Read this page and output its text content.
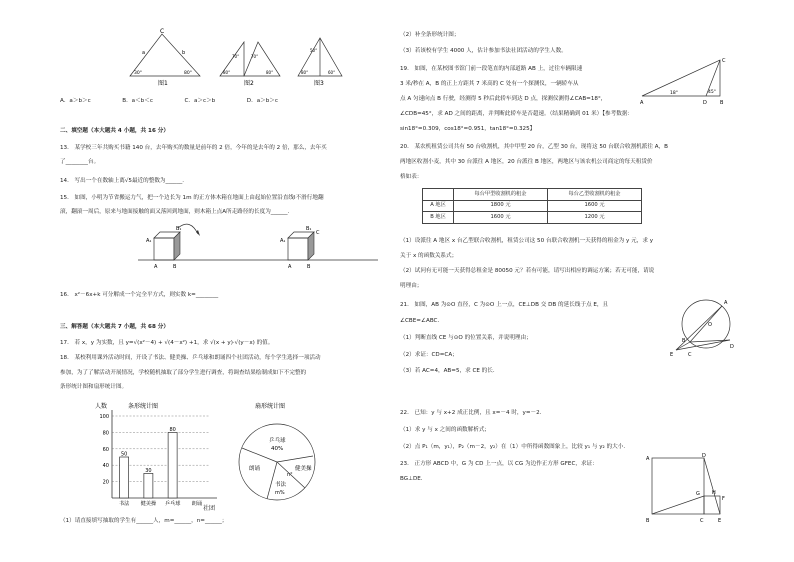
C
a	b
30°	80°
图1
70°	70°
80°	80°
图2
50°
80°	60°
图3
A．a＞b＞c	B．a＜b＜c	C．a＞c＞b	D．a＞b＞c
二、填空题（本大题共 4 小题，共 16 分）
13． 某学校三年共购买书籍 140 台，去年购买的数量是前年的 2 倍，今年的是去年的 2 倍，那么，去年买
了________台。
14． 写出一个在数轴上离√5最近的整数为______.
15． 如图，小明为节省搬运力气，把一个边长为 1m 的正方体木箱在地面上由起始位置沿直线l不滑行地翻
滚，翻滚一周后，原来与地面接触的面又落回到地面，则木箱上点A所走路径的长度为______.
A₁
B₁
A	B
A₁
B₁
C
A	B
16． x²－6x+k 可分解成一个完全平方式，则实数 k=________
三、解答题（本大题共 7 小题，共 68 分）
17． 若 x，y 为实数，且 y=√(x²－4) + √(4－x²) +1，求 √(x + y)·√(y－x) 的值。
18． 某校利用课外活动时间，开设了书法、健美操、乒乓球和朗诵四个社团活动，每个学生选择一项活动
参加，为了了解活动开展情况，学校随机抽取了部分学生进行调查，将调查结果绘制成如下不完整的
条形统计图和扇形统计图。
人数	条形统计图
社团
20
40
60
80
100
书法 健美操 乒乓球 朗诵
50
30
80
扇形统计图
乒乓球
40%
健美操
n°
朗诵
书法
m%
（1）请直接填写抽取的学生有______人，m=______，n=______；
（2）补全条形统计图；
（3）若该校有学生 4000 人，估计参加书法社团活动的学生人数。
19． 如图，在某校图书馆门前一段笔直的内部道路 AB 上，过往车辆限速
3 米/秒在 A，B 的正上方距其 7 米高的 C 处有一个探测仪，一辆轿车从
点 A 匀速向点 B 行驶，经测得 5 秒后此轿车到达 D 点，探测仪测得∠CAB=18°，
∠CDB=45°，求 AD 之间的距离，并判断此轿车是否超速。（结果精确到 01 米）【参考数据：
sin18°=0.309，cos18°=0.951，tan18°=0.325】
C
A	D	B
18°	45°
20． 某农机租赁公司共有 50 台收割机，其中甲型 20 台，乙型 30 台，现将这 50 台联合收割机派往 A，B
两地区收割小麦，其中 30 台派往 A 地区，20 台派往 B 地区，两地区与该农机公司商定的每天租赁价
格如表：
	每台甲型收割机的租金	每台乙型收割机的租金
A 地区	1800 元	1600 元
B 地区	1600 元	1200 元
（1）设派往 A 地区 x 台乙型联合收割机，租赁公司这 50 台联合收割机一天获得的租金为 y 元，求 y
关于 x 的函数关系式；
（2）试问有无可能一天获得总租金是 80050 元？若有可能，请写出相应的调运方案；若无可能，请说
明理由；
21． 如图，AB 为⊙O 直径，C 为⊙O 上一点，CE⊥DB 交 DB 的延长线于点 E，且
∠CBE=∠ABC．
（1）判断直线 CE 与⊙O 的位置关系，并说明理由；
（2）求证：CD=CA；
（3）若 AC=4，AB=5，求 CE 的长．
A
O
B
C
D
E
22． 已知：y 与 x+2 成正比例，且 x=－4 时，y=－2．
（1）求 y 与 x 之间的函数解析式；
（2）点 P₁（m，y₁），P₂（m－2，y₂）在（1）中所得函数图象上，比较 y₁ 与 y₂ 的大小．
23． 正方形 ABCD 中，G 为 CD 上一点，以 CG 为边作正方形 GFEC，求证：
BG⊥DE．
A	D
G H
F
B	C	E
